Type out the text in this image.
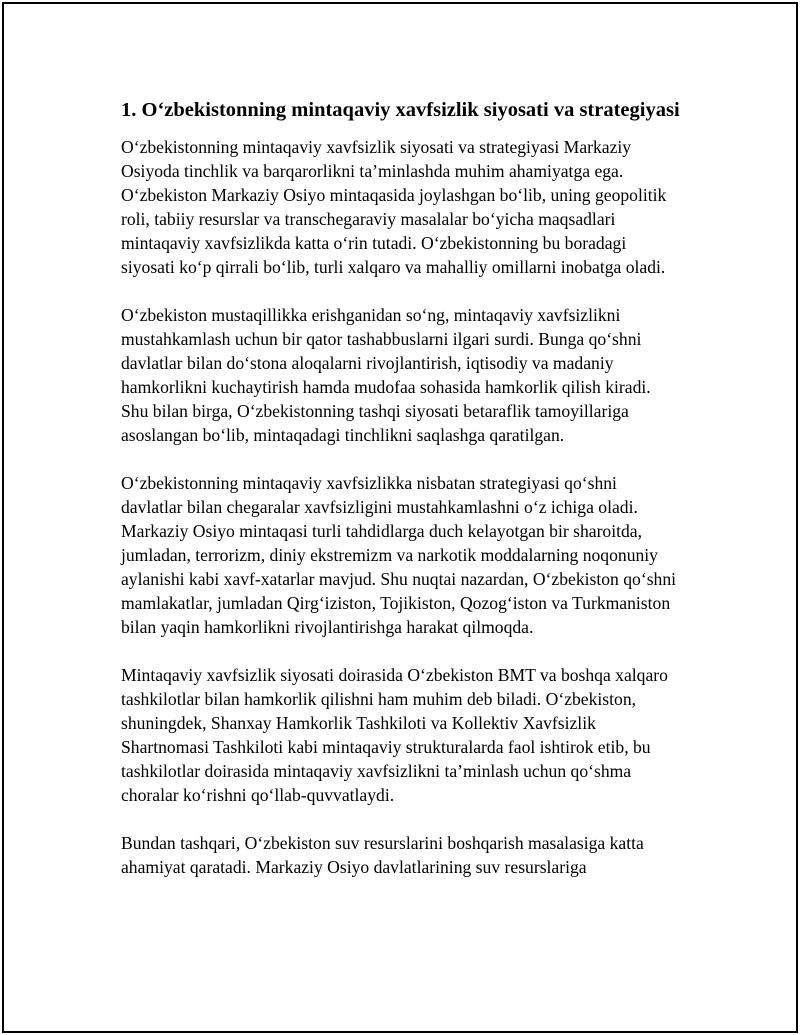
1. O‘zbekistonning mintaqaviy xavfsizlik siyosati va strategiyasi

O‘zbekistonning mintaqaviy xavfsizlik siyosati va strategiyasi Markaziy Osiyoda tinchlik va barqarorlikni ta’minlashda muhim ahamiyatga ega. O‘zbekiston Markaziy Osiyo mintaqasida joylashgan bo‘lib, uning geopolitik roli, tabiiy resurslar va transchegaraviy masalalar bo‘yicha maqsadlari mintaqaviy xavfsizlikda katta o‘rin tutadi. O‘zbekistonning bu boradagi siyosati ko‘p qirrali bo‘lib, turli xalqaro va mahalliy omillarni inobatga oladi.

O‘zbekiston mustaqillikka erishganidan so‘ng, mintaqaviy xavfsizlikni mustahkamlash uchun bir qator tashabbuslarni ilgari surdi. Bunga qo‘shni davlatlar bilan do‘stona aloqalarni rivojlantirish, iqtisodiy va madaniy hamkorlikni kuchaytirish hamda mudofaa sohasida hamkorlik qilish kiradi. Shu bilan birga, O‘zbekistonning tashqi siyosati betaraflik tamoyillariga asoslangan bo‘lib, mintaqadagi tinchlikni saqlashga qaratilgan.

O‘zbekistonning mintaqaviy xavfsizlikka nisbatan strategiyasi qo‘shni davlatlar bilan chegaralar xavfsizligini mustahkamlashni o‘z ichiga oladi. Markaziy Osiyo mintaqasi turli tahdidlarga duch kelayotgan bir sharoitda, jumladan, terrorizm, diniy ekstremizm va narkotik moddalarning noqonuniy aylanishi kabi xavf-xatarlar mavjud. Shu nuqtai nazardan, O‘zbekiston qo‘shni mamlakatlar, jumladan Qirg‘iziston, Tojikiston, Qozog‘iston va Turkmaniston bilan yaqin hamkorlikni rivojlantirishga harakat qilmoqda.

Mintaqaviy xavfsizlik siyosati doirasida O‘zbekiston BMT va boshqa xalqaro tashkilotlar bilan hamkorlik qilishni ham muhim deb biladi. O‘zbekiston, shuningdek, Shanxay Hamkorlik Tashkiloti va Kollektiv Xavfsizlik Shartnomasi Tashkiloti kabi mintaqaviy strukturalarda faol ishtirok etib, bu tashkilotlar doirasida mintaqaviy xavfsizlikni ta’minlash uchun qo‘shma choralar ko‘rishni qo‘llab-quvvatlaydi.

Bundan tashqari, O‘zbekiston suv resurslarini boshqarish masalasiga katta ahamiyat qaratadi. Markaziy Osiyo davlatlarining suv resurslariga
